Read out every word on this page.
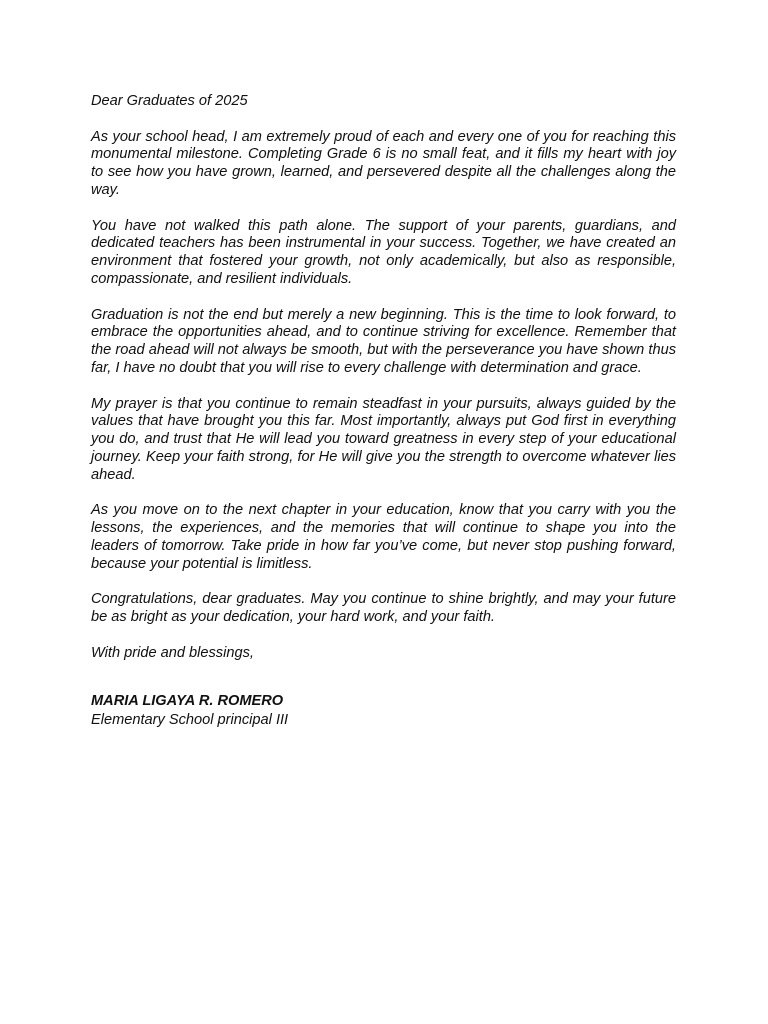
Dear Graduates of 2025

As your school head, I am extremely proud of each and every one of you for reaching this monumental milestone. Completing Grade 6 is no small feat, and it fills my heart with joy to see how you have grown, learned, and persevered despite all the challenges along the way.

You have not walked this path alone. The support of your parents, guardians, and dedicated teachers has been instrumental in your success. Together, we have created an environment that fostered your growth, not only academically, but also as responsible, compassionate, and resilient individuals.

Graduation is not the end but merely a new beginning. This is the time to look forward, to embrace the opportunities ahead, and to continue striving for excellence. Remember that the road ahead will not always be smooth, but with the perseverance you have shown thus far, I have no doubt that you will rise to every challenge with determination and grace.

My prayer is that you continue to remain steadfast in your pursuits, always guided by the values that have brought you this far. Most importantly, always put God first in everything you do, and trust that He will lead you toward greatness in every step of your educational journey. Keep your faith strong, for He will give you the strength to overcome whatever lies ahead.

As you move on to the next chapter in your education, know that you carry with you the lessons, the experiences, and the memories that will continue to shape you into the leaders of tomorrow. Take pride in how far you’ve come, but never stop pushing forward, because your potential is limitless.

Congratulations, dear graduates. May you continue to shine brightly, and may your future be as bright as your dedication, your hard work, and your faith.

With pride and blessings,

MARIA LIGAYA R. ROMERO

Elementary School principal III
